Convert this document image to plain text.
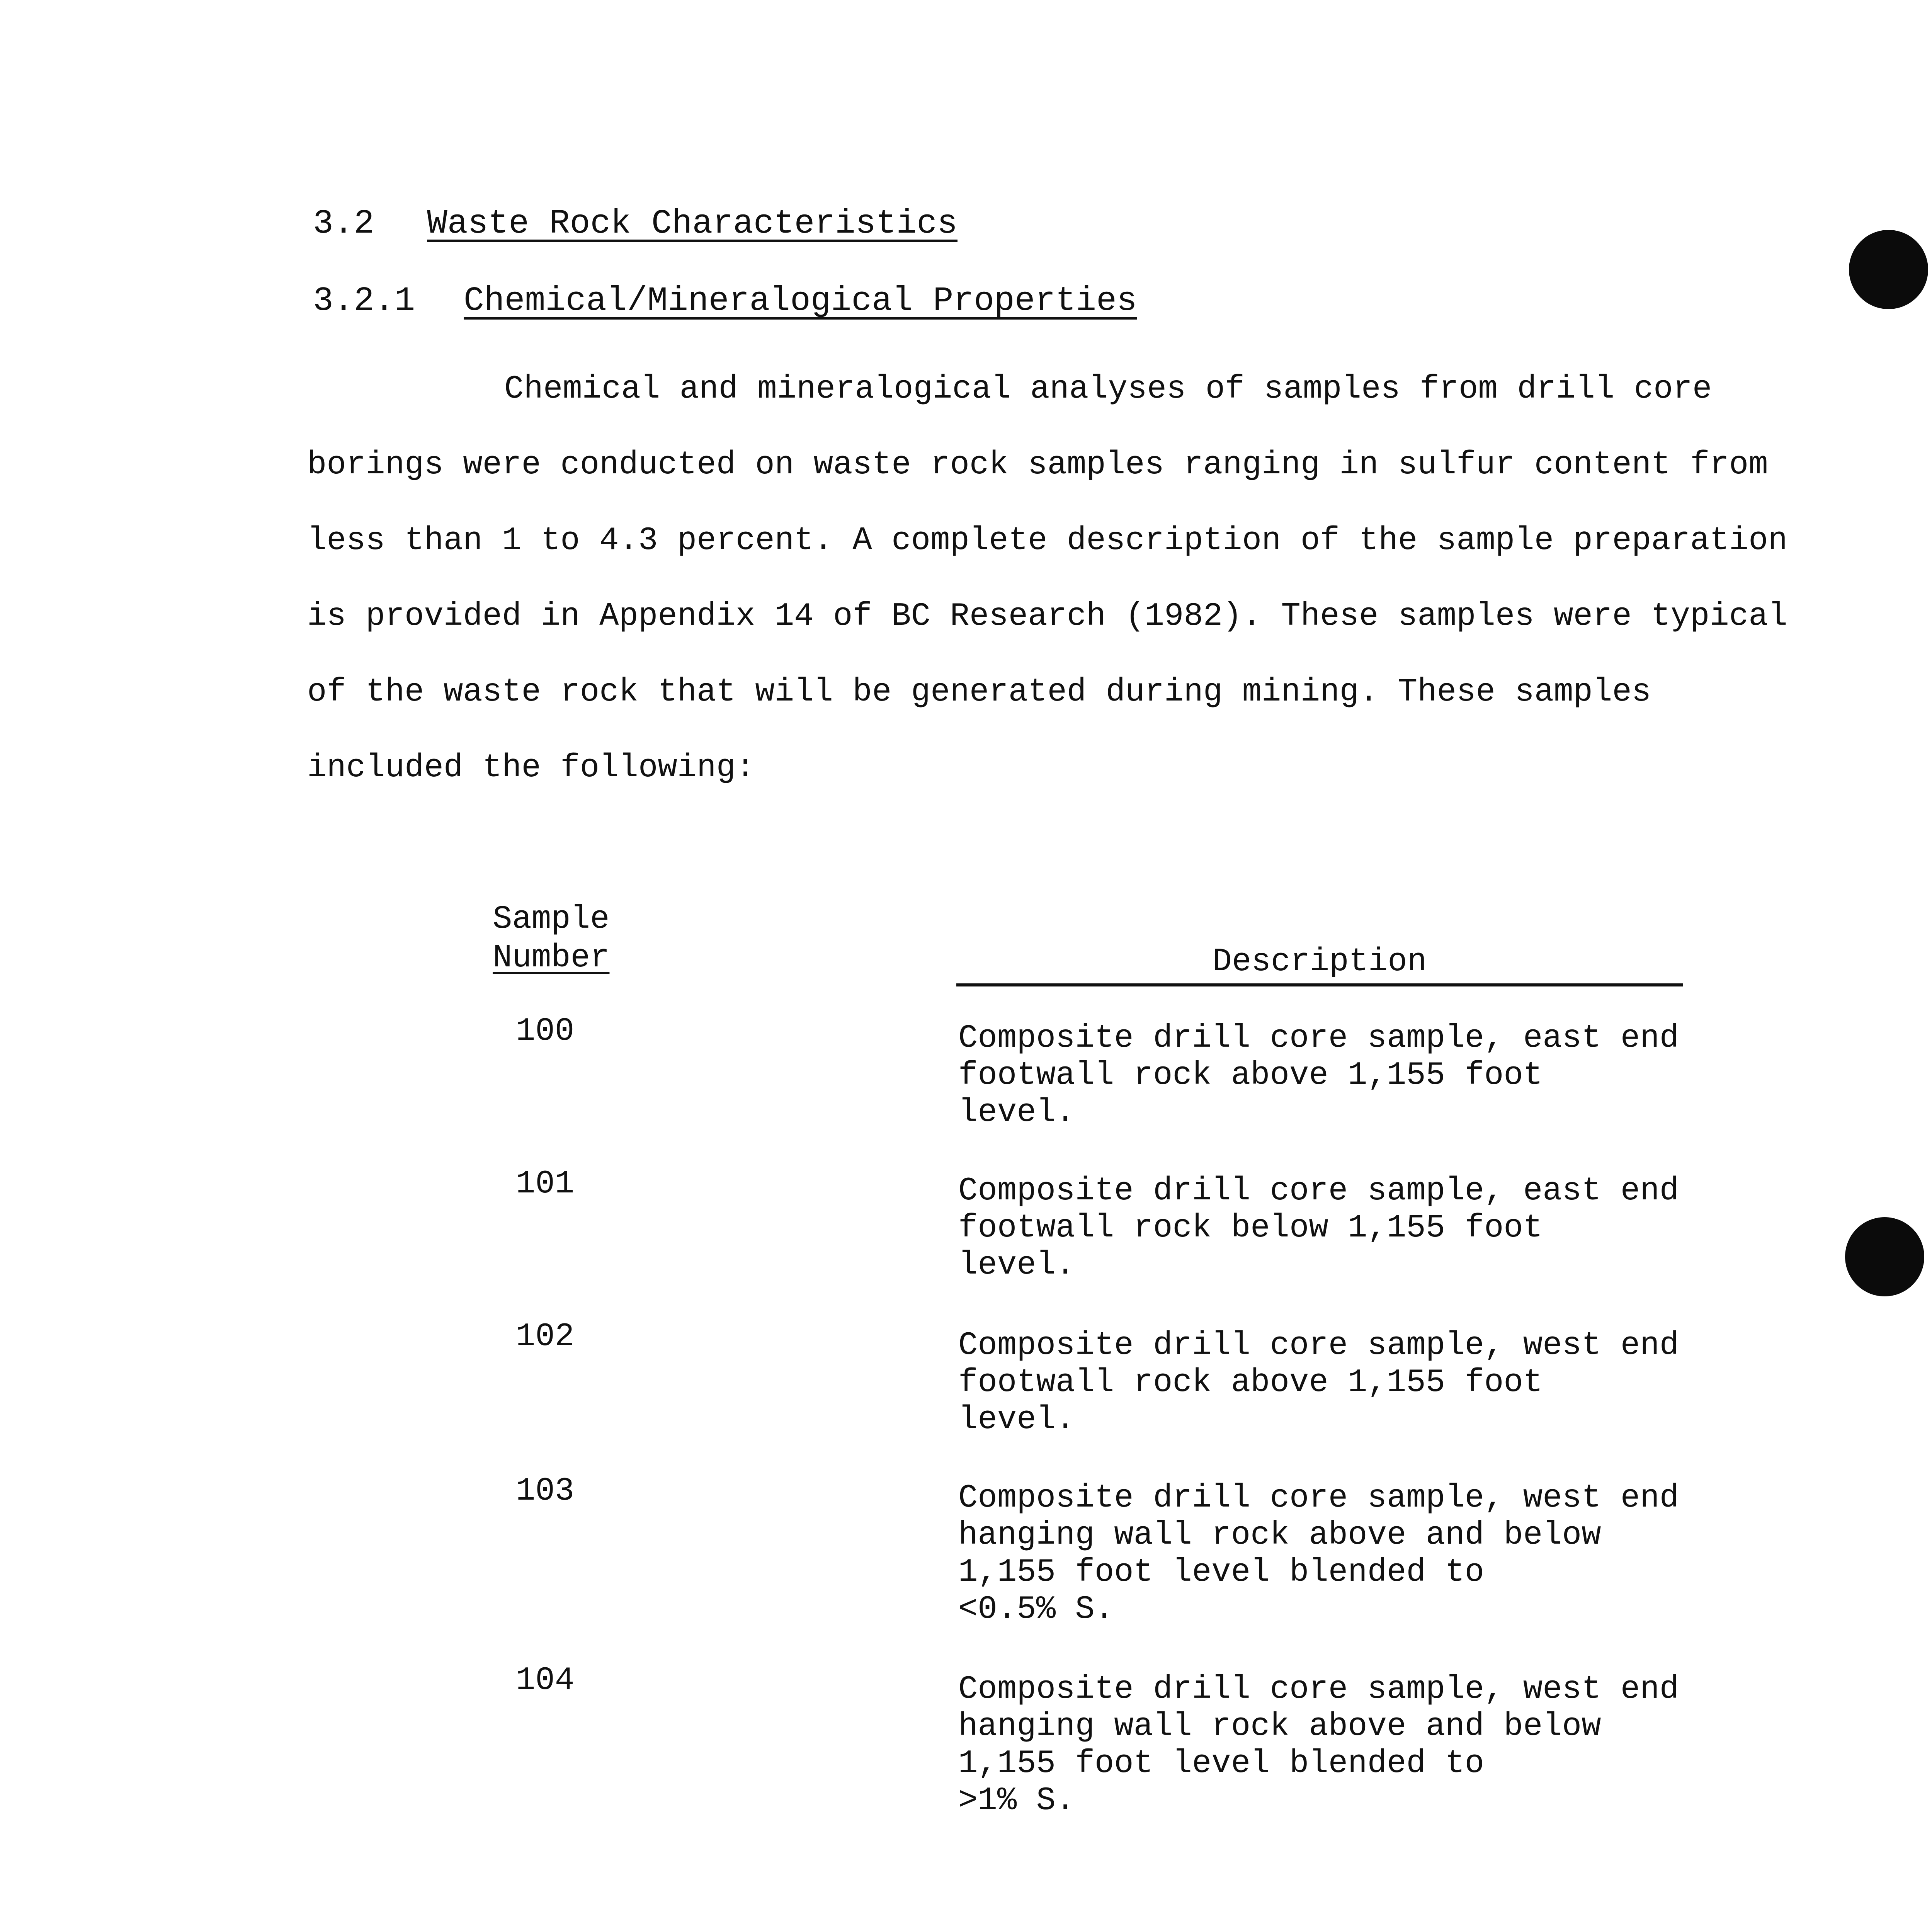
3.2 Waste Rock Characteristics
3.2.1 Chemical/Mineralogical Properties
Chemical and mineralogical analyses of samples from drill core
borings were conducted on waste rock samples ranging in sulfur content from
less than 1 to 4.3 percent. A complete description of the sample preparation
is provided in Appendix 14 of BC Research (1982). These samples were typical
of the waste rock that will be generated during mining. These samples
included the following:
Sample
Number	Description
100	Composite drill core sample, east end
footwall rock above 1,155 foot
level.
101	Composite drill core sample, east end
footwall rock below 1,155 foot
level.
102	Composite drill core sample, west end
footwall rock above 1,155 foot
level.
103	Composite drill core sample, west end
hanging wall rock above and below
1,155 foot level blended to
<0.5% S.
104	Composite drill core sample, west end
hanging wall rock above and below
1,155 foot level blended to
>1% S.
